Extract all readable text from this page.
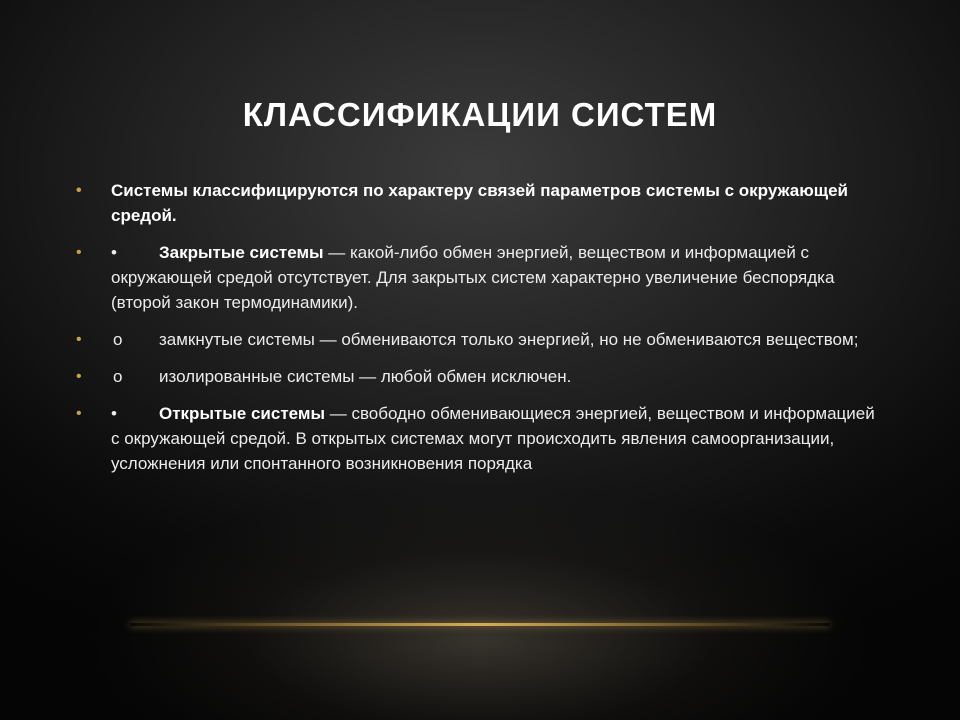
КЛАССИФИКАЦИИ СИСТЕМ
• Системы классифицируются по характеру связей параметров системы с окружающей средой.
• • Закрытые системы — какой-либо обмен энергией, веществом и информацией с окружающей средой отсутствует. Для закрытых систем характерно увеличение беспорядка (второй закон термодинамики).
• o замкнутые системы — обмениваются только энергией, но не обмениваются веществом;
• o изолированные системы — любой обмен исключен.
• • Открытые системы — свободно обменивающиеся энергией, веществом и информацией с окружающей средой. В открытых системах могут происходить явления самоорганизации, усложнения или спонтанного возникновения порядка
